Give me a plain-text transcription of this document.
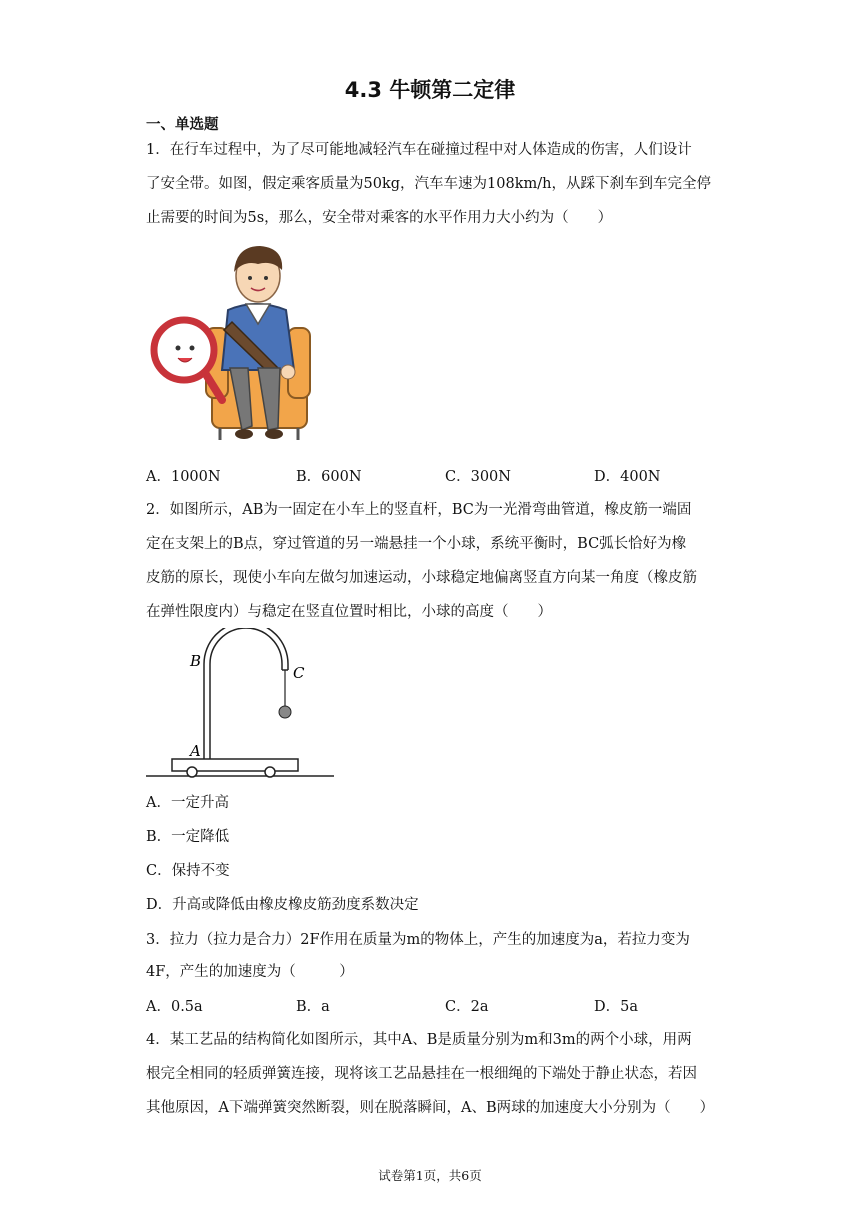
4.3 牛顿第二定律
一、单选题
1．在行车过程中，为了尽可能地减轻汽车在碰撞过程中对人体造成的伤害，人们设计
了安全带。如图，假定乘客质量为50kg，汽车车速为108km/h，从踩下刹车到车完全停
止需要的时间为5s，那么，安全带对乘客的水平作用力大小约为（　　）
A．1000N	B．600N	C．300N	D．400N
2．如图所示，AB为一固定在小车上的竖直杆，BC为一光滑弯曲管道，橡皮筋一端固
定在支架上的B点，穿过管道的另一端悬挂一个小球，系统平衡时，BC弧长恰好为橡
皮筋的原长，现使小车向左做匀加速运动，小球稳定地偏离竖直方向某一角度（橡皮筋
在弹性限度内）与稳定在竖直位置时相比，小球的高度（　　）
B
C
A
A．一定升高
B．一定降低
C．保持不变
D．升高或降低由橡皮橡皮筋劲度系数决定
3．拉力（拉力是合力）2F作用在质量为m的物体上，产生的加速度为a，若拉力变为
4F，产生的加速度为（　　　）
A．0.5a	B．a	C．2a	D．5a
4．某工艺品的结构简化如图所示，其中A、B是质量分别为m和3m的两个小球，用两
根完全相同的轻质弹簧连接，现将该工艺品悬挂在一根细绳的下端处于静止状态，若因
其他原因，A下端弹簧突然断裂，则在脱落瞬间，A、B两球的加速度大小分别为（　　）
试卷第1页，共6页
